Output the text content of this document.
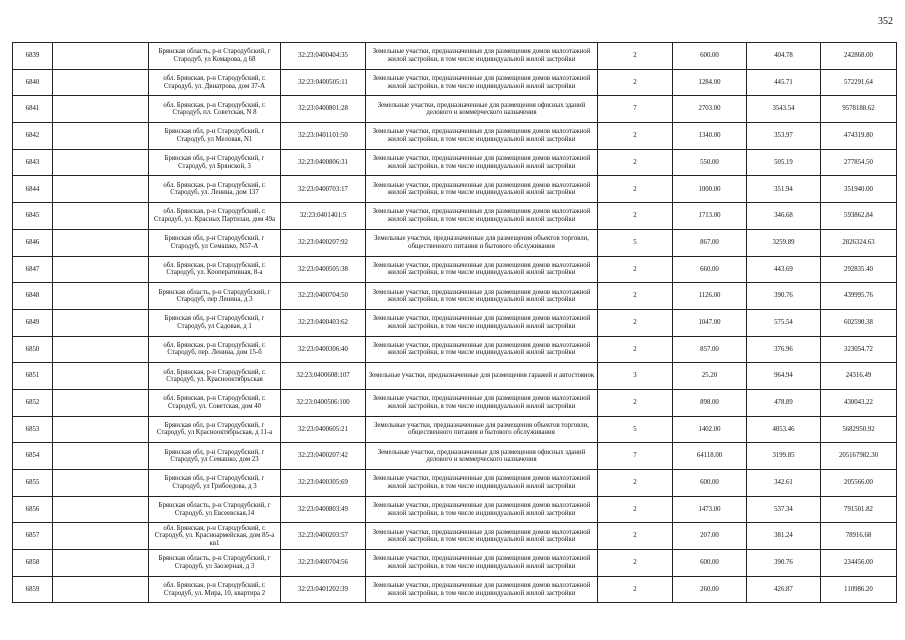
352
6839		Брянская область, р-н Стародубский, г Стародуб, ул Комарова, д 68	32:23:0400404:35	Земельные участки, предназначенные для размещения домов малоэтажной жилой застройки, в том числе индивидуальной жилой застройки	2	600.00	404.78	242868.00
6840		обл. Брянская, р-н Стародубский, г. Стародуб, ул. Двиатрова, дом 37-А	32:23:0400505:11	Земельные участки, предназначенные для размещения домов малоэтажной жилой застройки, в том числе индивидуальной жилой застройки	2	1284.00	445.71	572291.64
6841		обл. Брянская, р-н Стародубский, г. Стародуб, пл. Советская, N 8	32:23:0400801:28	Земельные участки, предназначенные для размещения офисных зданий делового и коммерческого назначения	7	2703.00	3543.54	9578188.62
6842		Брянская обл, р-н Стародубский, г Стародуб, ул Меловая, N1	32:23:0401101:50	Земельные участки, предназначенные для размещения домов малоэтажной жилой застройки, в том числе индивидуальной жилой застройки	2	1340.00	353.97	474319.80
6843		Брянская обл, р-н Стародубский, г Стародуб, ул Брянской, 3	32:23:0400806:31	Земельные участки, предназначенные для размещения домов малоэтажной жилой застройки, в том числе индивидуальной жилой застройки	2	550.00	505.19	277854.50
6844		обл. Брянская, р-н Стародубский, г. Стародуб, ул. Ленина, дом 137	32:23:0400703:17	Земельные участки, предназначенные для размещения домов малоэтажной жилой застройки, в том числе индивидуальной жилой застройки	2	1000.00	351.94	351940.00
6845		обл. Брянская, р-н Стародубский, г. Стародуб, ул. Красных Партизан, дом 49а	32:23:0401401:5	Земельные участки, предназначенные для размещения домов малоэтажной жилой застройки, в том числе индивидуальной жилой застройки	2	1713.00	346.68	593862.84
6846		Брянская обл, р-н Стародубский, г Стародуб, ул Семашко, N57-А	32:23:0400207:92	Земельные участки, предназначенные для размещения объектов торговли, общественного питания и бытового обслуживания	5	867.00	3259.89	2826324.63
6847		обл. Брянская, р-н Стародубский, г. Стародуб, ул. Кооперативная, 8-а	32:23:0400505:38	Земельные участки, предназначенные для размещения домов малоэтажной жилой застройки, в том числе индивидуальной жилой застройки	2	660.00	443.69	292835.40
6848		Брянская область, р-н Стародубский, г Стародуб, пер Ленина, д 3	32:23:0400704:50	Земельные участки, предназначенные для размещения домов малоэтажной жилой застройки, в том числе индивидуальной жилой застройки	2	1126.00	390.76	439995.76
6849		Брянская обл, р-н Стародубский, г Стародуб, ул Садовая, д 1	32:23:0400403:62	Земельные участки, предназначенные для размещения домов малоэтажной жилой застройки, в том числе индивидуальной жилой застройки	2	1047.00	575.54	602590.38
6850		обл. Брянская, р-н Стародубский, г. Стародуб, пер. Ленина, дом 15-б	32:23:0400306:40	Земельные участки, предназначенные для размещения домов малоэтажной жилой застройки, в том числе индивидуальной жилой застройки	2	857.00	376.96	323054.72
6851		обл. Брянская, р-н Стародубский, г. Стародуб, ул. Краснооктябрьская	32:23:0400608:107	Земельные участки, предназначенные для размещения гаражей и автостоянок	3	25.20	964.94	24316.49
6852		обл. Брянская, р-н Стародубский, г. Стародуб, ул. Советская, дом 40	32:23:0400506:100	Земельные участки, предназначенные для размещения домов малоэтажной жилой застройки, в том числе индивидуальной жилой застройки	2	898.00	478.89	430043.22
6853		Брянская обл, р-н Стародубский, г Стародуб, ул Краснооктябрьская, д 11-а	32:23:0400605:21	Земельные участки, предназначенные для размещения объектов торговли, общественного питания и бытового обслуживания	5	1402.00	4053.46	5682950.92
6854		Брянская обл, р-н Стародубский, г Стародуб, ул Семашко, дом 23	32:23:0400207:42	Земельные участки, предназначенные для размещения офисных зданий делового и коммерческого назначения	7	64118.00	3199.85	205167982.30
6855		Брянская обл, р-н Стародубский, г Стародуб, ул Грибоедова, д 3	32:23:0400305:69	Земельные участки, предназначенные для размещения домов малоэтажной жилой застройки, в том числе индивидуальной жилой застройки	2	600.00	342.61	205566.00
6856		Брянская область, р-н Стародубский, г Стародуб, ул Евсеевская,14	32:23:0400803:49	Земельные участки, предназначенные для размещения домов малоэтажной жилой застройки, в том числе индивидуальной жилой застройки	2	1473.00	537.34	791501.82
6857		обл. Брянская, р-н Стародубский, г. Стародуб, ул. Красноармейская, дом 85-а кв1	32:23:0400203:57	Земельные участки, предназначенные для размещения домов малоэтажной жилой застройки, в том числе индивидуальной жилой застройки	2	207.00	381.24	78916.68
6858		Брянская область, р-н Стародубский, г Стародуб, ул Заозерная, д 3	32:23:0400704:56	Земельные участки, предназначенные для размещения домов малоэтажной жилой застройки, в том числе индивидуальной жилой застройки	2	600.00	390.76	234456.00
6859		обл. Брянская, р-н Стародубский, г. Стародуб, ул. Мира, 10, квартира 2	32:23:0401202:39	Земельные участки, предназначенные для размещения домов малоэтажной жилой застройки, в том числе индивидуальной жилой застройки	2	260.00	426.87	110986.20
